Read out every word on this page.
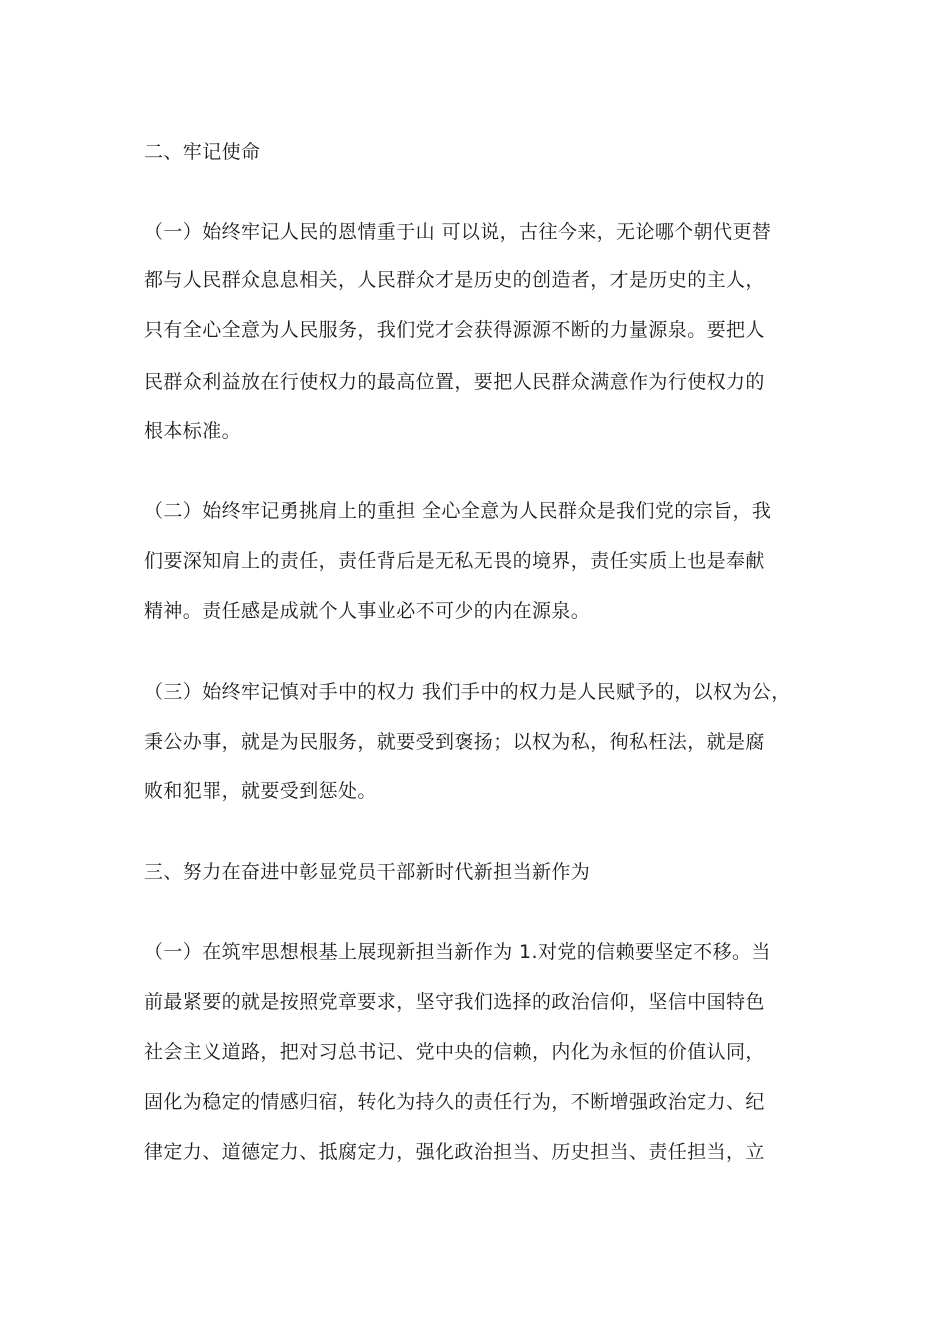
二、牢记使命
（一）始终牢记人民的恩情重于山 可以说，古往今来，无论哪个朝代更替
都与人民群众息息相关，人民群众才是历史的创造者，才是历史的主人，
只有全心全意为人民服务，我们党才会获得源源不断的力量源泉。要把人
民群众利益放在行使权力的最高位置，要把人民群众满意作为行使权力的
根本标准。
（二）始终牢记勇挑肩上的重担 全心全意为人民群众是我们党的宗旨，我
们要深知肩上的责任，责任背后是无私无畏的境界，责任实质上也是奉献
精神。责任感是成就个人事业必不可少的内在源泉。
（三）始终牢记慎对手中的权力 我们手中的权力是人民赋予的，以权为公，
秉公办事，就是为民服务，就要受到褒扬；以权为私，徇私枉法，就是腐
败和犯罪，就要受到惩处。
三、努力在奋进中彰显党员干部新时代新担当新作为
（一）在筑牢思想根基上展现新担当新作为 1.对党的信赖要坚定不移。当
前最紧要的就是按照党章要求，坚守我们选择的政治信仰，坚信中国特色
社会主义道路，把对习总书记、党中央的信赖，内化为永恒的价值认同，
固化为稳定的情感归宿，转化为持久的责任行为，不断增强政治定力、纪
律定力、道德定力、抵腐定力，强化政治担当、历史担当、责任担当，立
